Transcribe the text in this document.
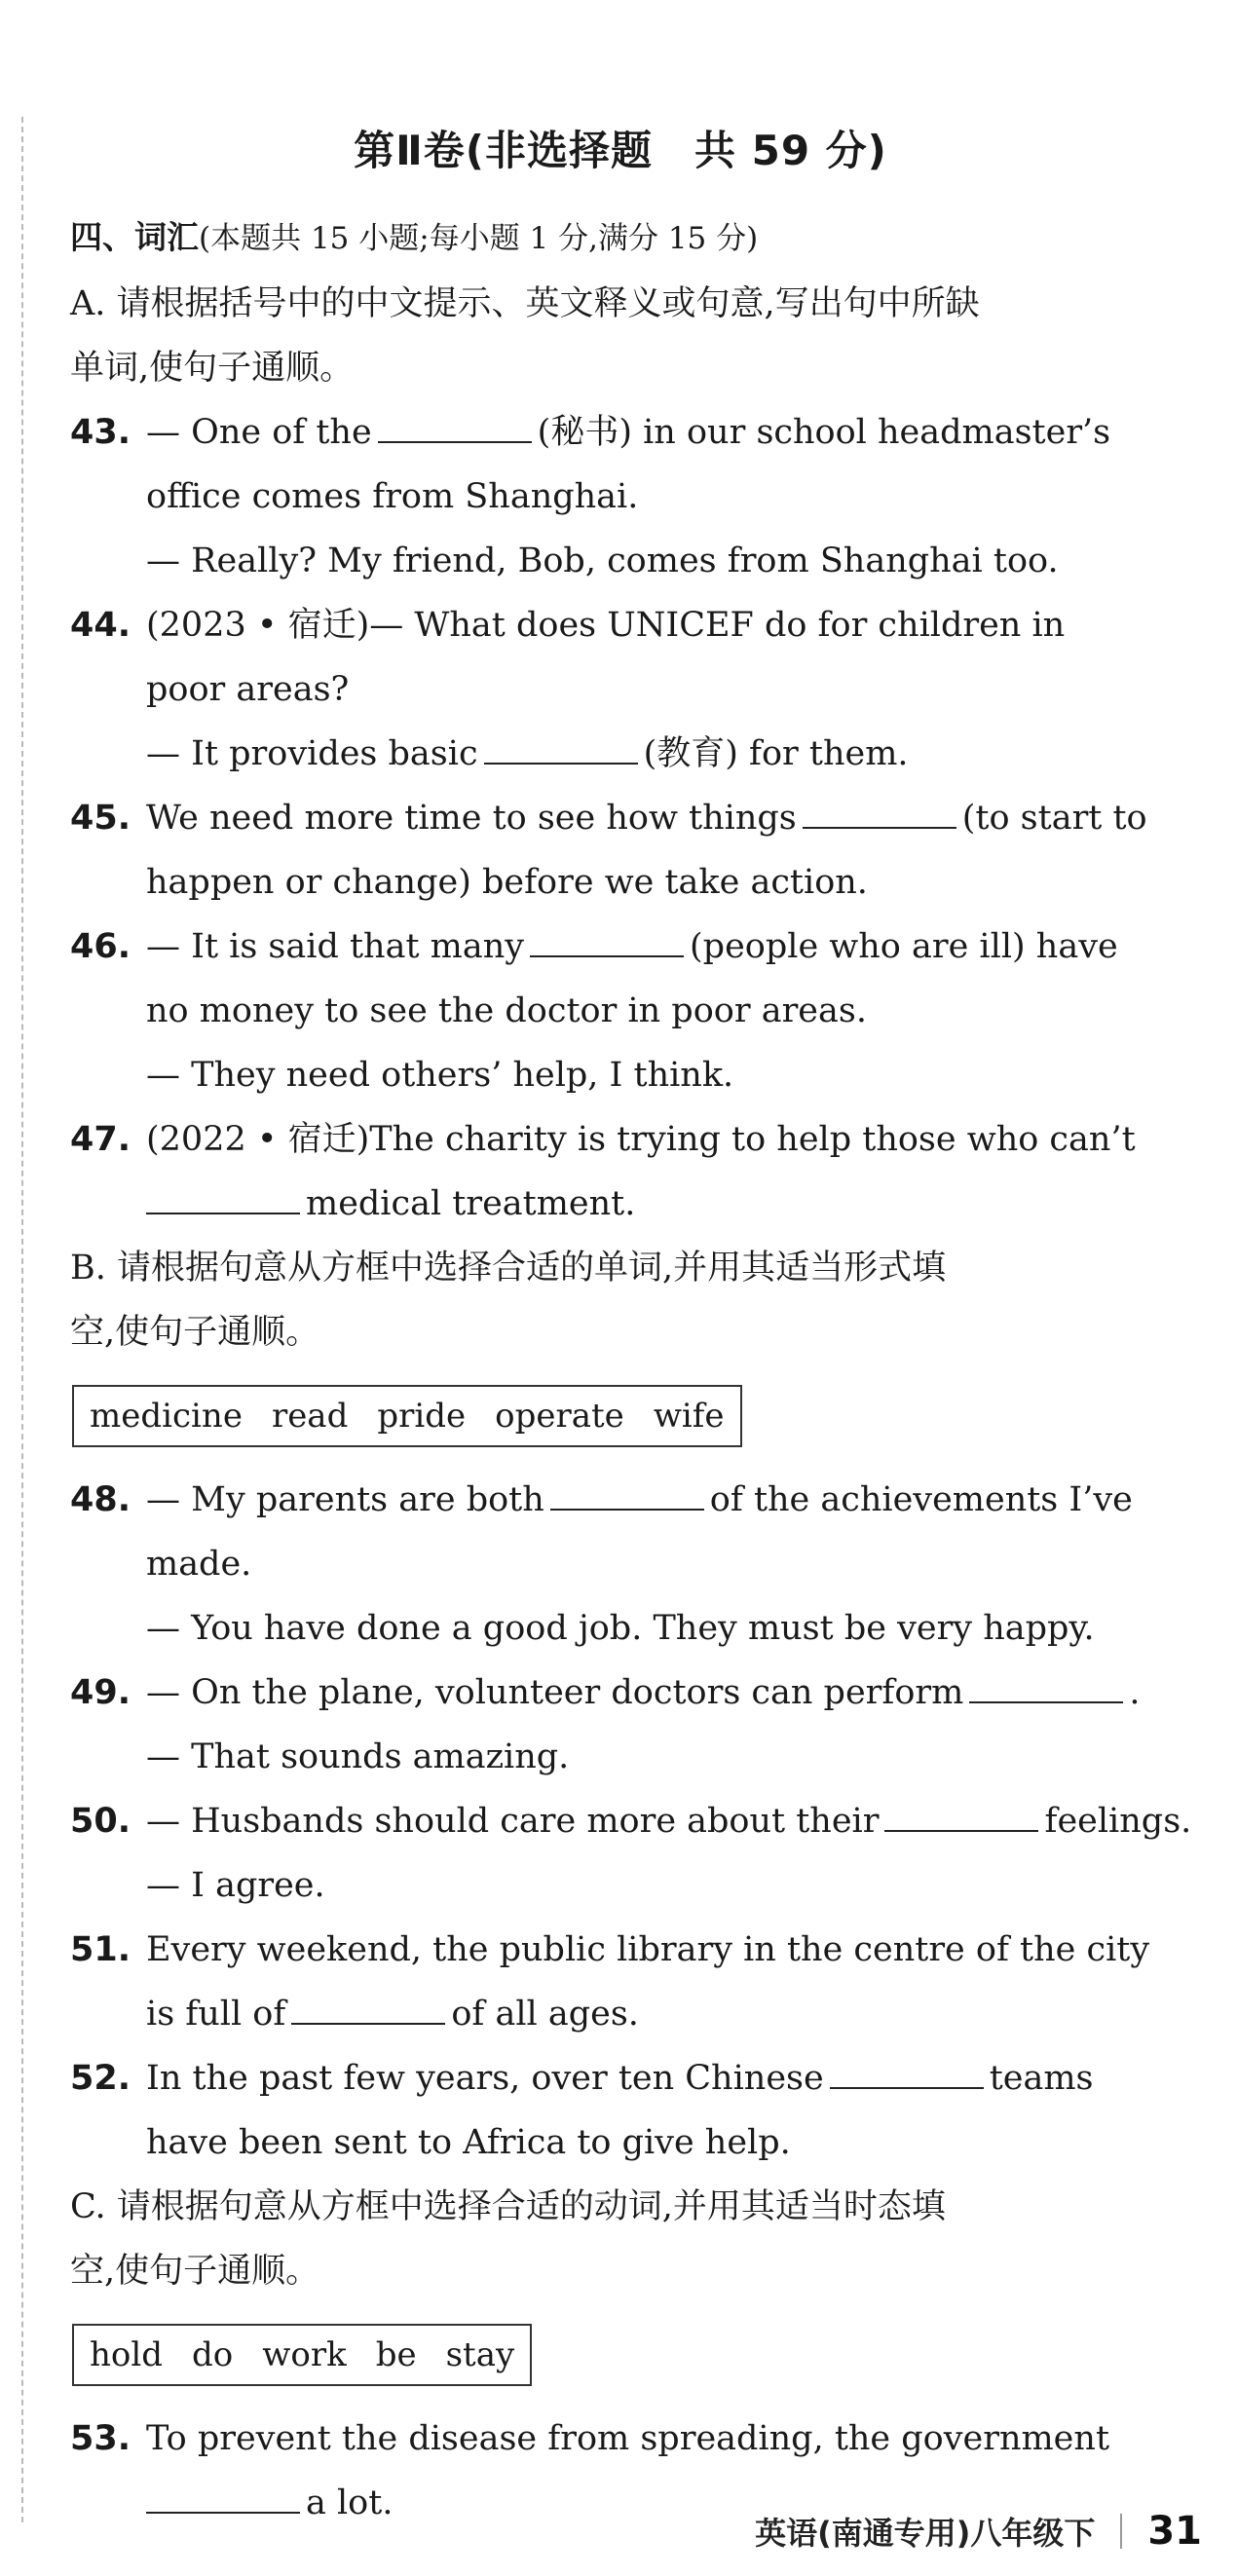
第Ⅱ卷(非选择题　共 59 分)
四、词汇(本题共 15 小题;每小题 1 分,满分 15 分)
A. 请根据括号中的中文提示、英文释义或句意,写出句中所缺
单词,使句子通顺。
43. — One of the	(秘书) in our school headmaster’s
office comes from Shanghai.
— Really? My friend, Bob, comes from Shanghai too.
44. (2023 • 宿迁)— What does UNICEF do for children in
poor areas?
— It provides basic	(教育) for them.
45. We need more time to see how things	(to start to
happen or change) before we take action.
46. — It is said that many	(people who are ill) have
no money to see the doctor in poor areas.
— They need others’ help, I think.
47. (2022 • 宿迁)The charity is trying to help those who can’t
medical treatment.
B. 请根据句意从方框中选择合适的单词,并用其适当形式填
空,使句子通顺。
medicine read pride operate wife
48. — My parents are both	of the achievements I’ve
made.
— You have done a good job. They must be very happy.
49. — On the plane, volunteer doctors can perform	.
— That sounds amazing.
50. — Husbands should care more about their	feelings.
— I agree.
51. Every weekend, the public library in the centre of the city
is full of	of all ages.
52. In the past few years, over ten Chinese	teams
have been sent to Africa to give help.
C. 请根据句意从方框中选择合适的动词,并用其适当时态填
空,使句子通顺。
hold do work be stay
53. To prevent the disease from spreading, the government
a lot.
英语(南通专用)八年级下 31
